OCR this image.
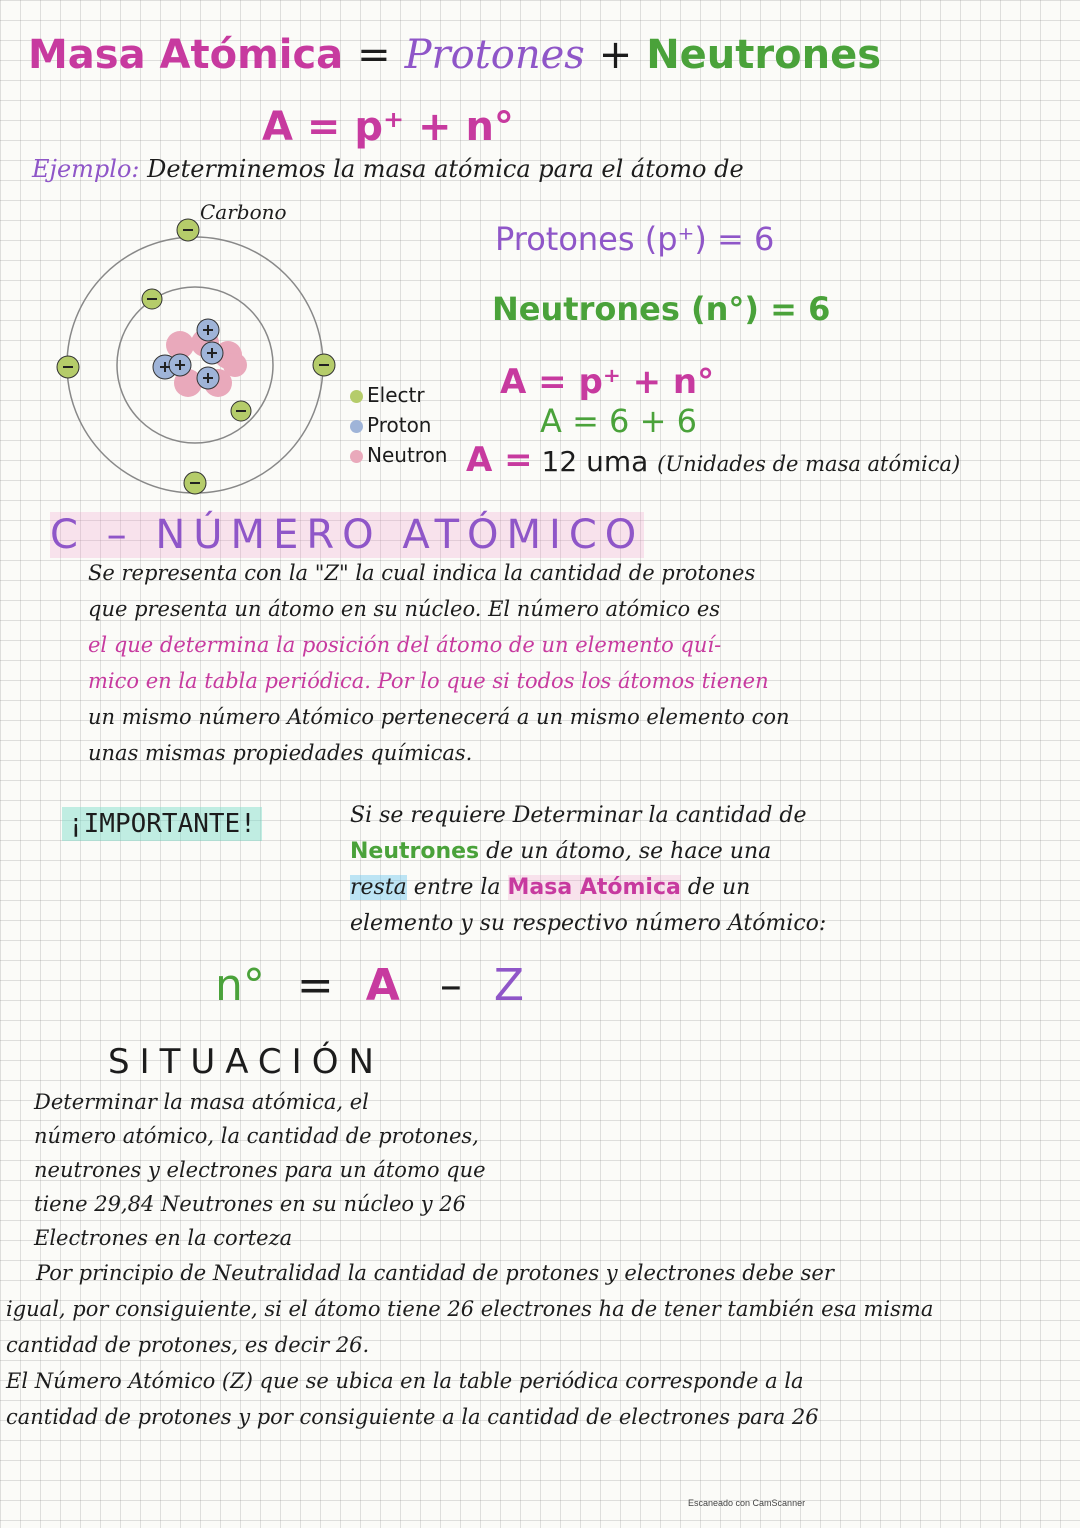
Masa Atómica = Protones + Neutrones
A = p⁺ + n°
Ejemplo: Determinemos la masa atómica para el átomo de
Carbono
Electr
Proton
Neutron
Protones (p⁺) = 6
Neutrones (n°) = 6
A = p⁺ + n°
A = 6 + 6
A = 12 uma (Unidades de masa atómica)
C – NÚMERO ATÓMICO
Se representa con la "Z" la cual indica la cantidad de protones
que presenta un átomo en su núcleo. El número atómico es
el que determina la posición del átomo de un elemento quí-
mico en la tabla periódica. Por lo que si todos los átomos tienen
un mismo número Atómico pertenecerá a un mismo elemento con
unas mismas propiedades químicas.
¡IMPORTANTE!	Si se requiere Determinar la cantidad de
Neutrones de un átomo, se hace una
resta entre la Masa Atómica de un
elemento y su respectivo número Atómico:
n° = A – Z
SITUACIÓN
Determinar la masa atómica, el
número atómico, la cantidad de protones,
neutrones y electrones para un átomo que
tiene 29,84 Neutrones en su núcleo y 26
Electrones en la corteza
Por principio de Neutralidad la cantidad de protones y electrones debe ser
igual, por consiguiente, si el átomo tiene 26 electrones ha de tener también esa misma
cantidad de protones, es decir 26.
El Número Atómico (Z) que se ubica en la table periódica corresponde a la
cantidad de protones y por consiguiente a la cantidad de electrones para 26
Escaneado con CamScanner
